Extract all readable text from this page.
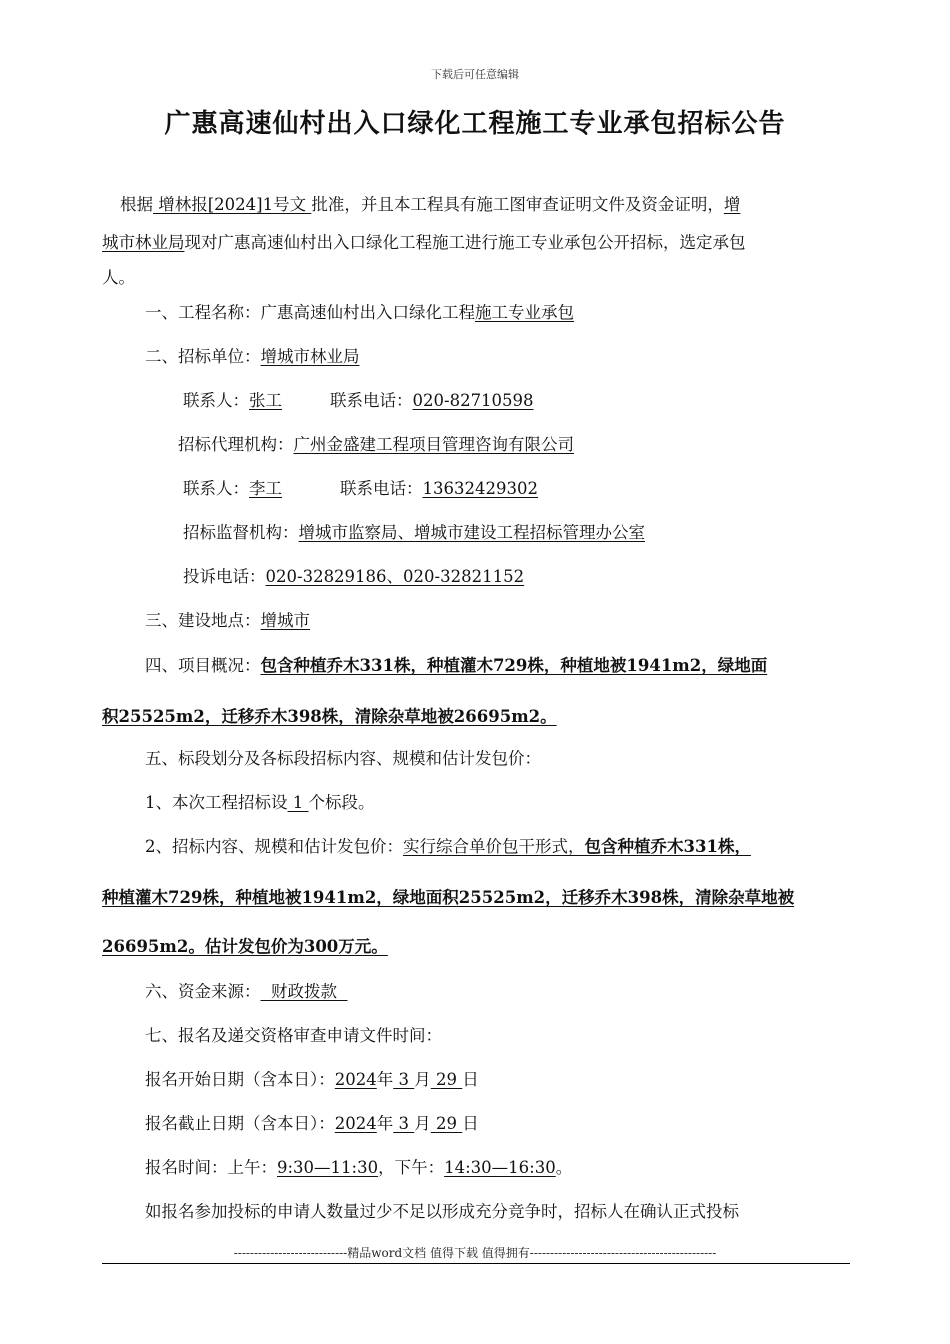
下载后可任意编辑
广惠高速仙村出入口绿化工程施工专业承包招标公告
根据 增林报[2024]1号文 批准，并且本工程具有施工图审查证明文件及资金证明，增
城市林业局现对广惠高速仙村出入口绿化工程施工进行施工专业承包公开招标，选定承包
人。
一、工程名称：广惠高速仙村出入口绿化工程施工专业承包
二、招标单位：增城市林业局
联系人：张工	联系电话：020-82710598
招标代理机构：广州金盛建工程项目管理咨询有限公司
联系人：李工	联系电话：13632429302
招标监督机构：增城市监察局、增城市建设工程招标管理办公室
投诉电话：020-32829186、020-32821152
三、建设地点：增城市
四、项目概况：包含种植乔木331株，种植灌木729株，种植地被1941m2，绿地面
积25525m2，迁移乔木398株，清除杂草地被26695m2。
五、标段划分及各标段招标内容、规模和估计发包价：
1、本次工程招标设 1 个标段。
2、招标内容、规模和估计发包价：实行综合单价包干形式，包含种植乔木331株，
种植灌木729株，种植地被1941m2，绿地面积25525m2，迁移乔木398株，清除杂草地被
26695m2。估计发包价为300万元。
六、资金来源：  财政拨款
七、报名及递交资格审查申请文件时间：
报名开始日期（含本日）：2024年 3 月 29 日
报名截止日期（含本日）：2024年 3 月 29 日
报名时间：上午：9:30—11:30，下午：14:30—16:30。
如报名参加投标的申请人数量过少不足以形成充分竞争时，招标人在确认正式投标
----------------------------精品word文档 值得下载 值得拥有----------------------------------------------
